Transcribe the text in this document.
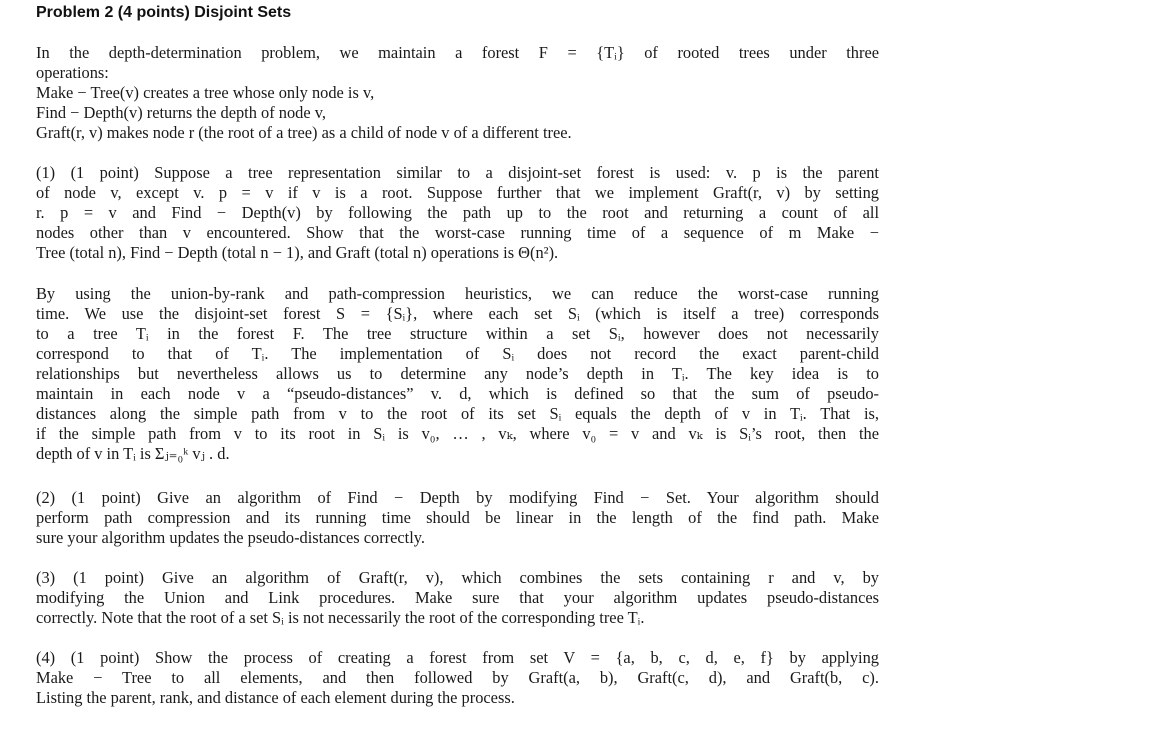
Problem 2 (4 points) Disjoint Sets
In the depth-determination problem, we maintain a forest F = {Tᵢ} of rooted trees under three
operations:
Make − Tree(v) creates a tree whose only node is v,
Find − Depth(v) returns the depth of node v,
Graft(r, v) makes node r (the root of a tree) as a child of node v of a different tree.
(1) (1 point) Suppose a tree representation similar to a disjoint-set forest is used: v. p is the parent
of node v, except v. p = v if v is a root. Suppose further that we implement Graft(r, v) by setting
r. p = v and Find − Depth(v) by following the path up to the root and returning a count of all
nodes other than v encountered. Show that the worst-case running time of a sequence of m Make −
Tree (total n), Find − Depth (total n − 1), and Graft (total n) operations is Θ(n²).
By using the union-by-rank and path-compression heuristics, we can reduce the worst-case running
time. We use the disjoint-set forest S = {Sᵢ}, where each set Sᵢ (which is itself a tree) corresponds
to a tree Tᵢ in the forest F. The tree structure within a set Sᵢ, however does not necessarily
correspond to that of Tᵢ. The implementation of Sᵢ does not record the exact parent-child
relationships but nevertheless allows us to determine any node’s depth in Tᵢ. The key idea is to
maintain in each node v a “pseudo-distances” v. d, which is defined so that the sum of pseudo-
distances along the simple path from v to the root of its set Sᵢ equals the depth of v in Tᵢ. That is,
if the simple path from v to its root in Sᵢ is v₀, … , vₖ, where v₀ = v and vₖ is Sᵢ’s root, then the
depth of v in Tᵢ is Σⱼ₌₀ᵏ vⱼ . d.
(2) (1 point) Give an algorithm of Find − Depth by modifying Find − Set. Your algorithm should
perform path compression and its running time should be linear in the length of the find path. Make
sure your algorithm updates the pseudo-distances correctly.
(3) (1 point) Give an algorithm of Graft(r, v), which combines the sets containing r and v, by
modifying the Union and Link procedures. Make sure that your algorithm updates pseudo-distances
correctly. Note that the root of a set Sᵢ is not necessarily the root of the corresponding tree Tᵢ.
(4) (1 point) Show the process of creating a forest from set V = {a, b, c, d, e, f} by applying
Make − Tree to all elements, and then followed by Graft(a, b), Graft(c, d), and Graft(b, c).
Listing the parent, rank, and distance of each element during the process.
